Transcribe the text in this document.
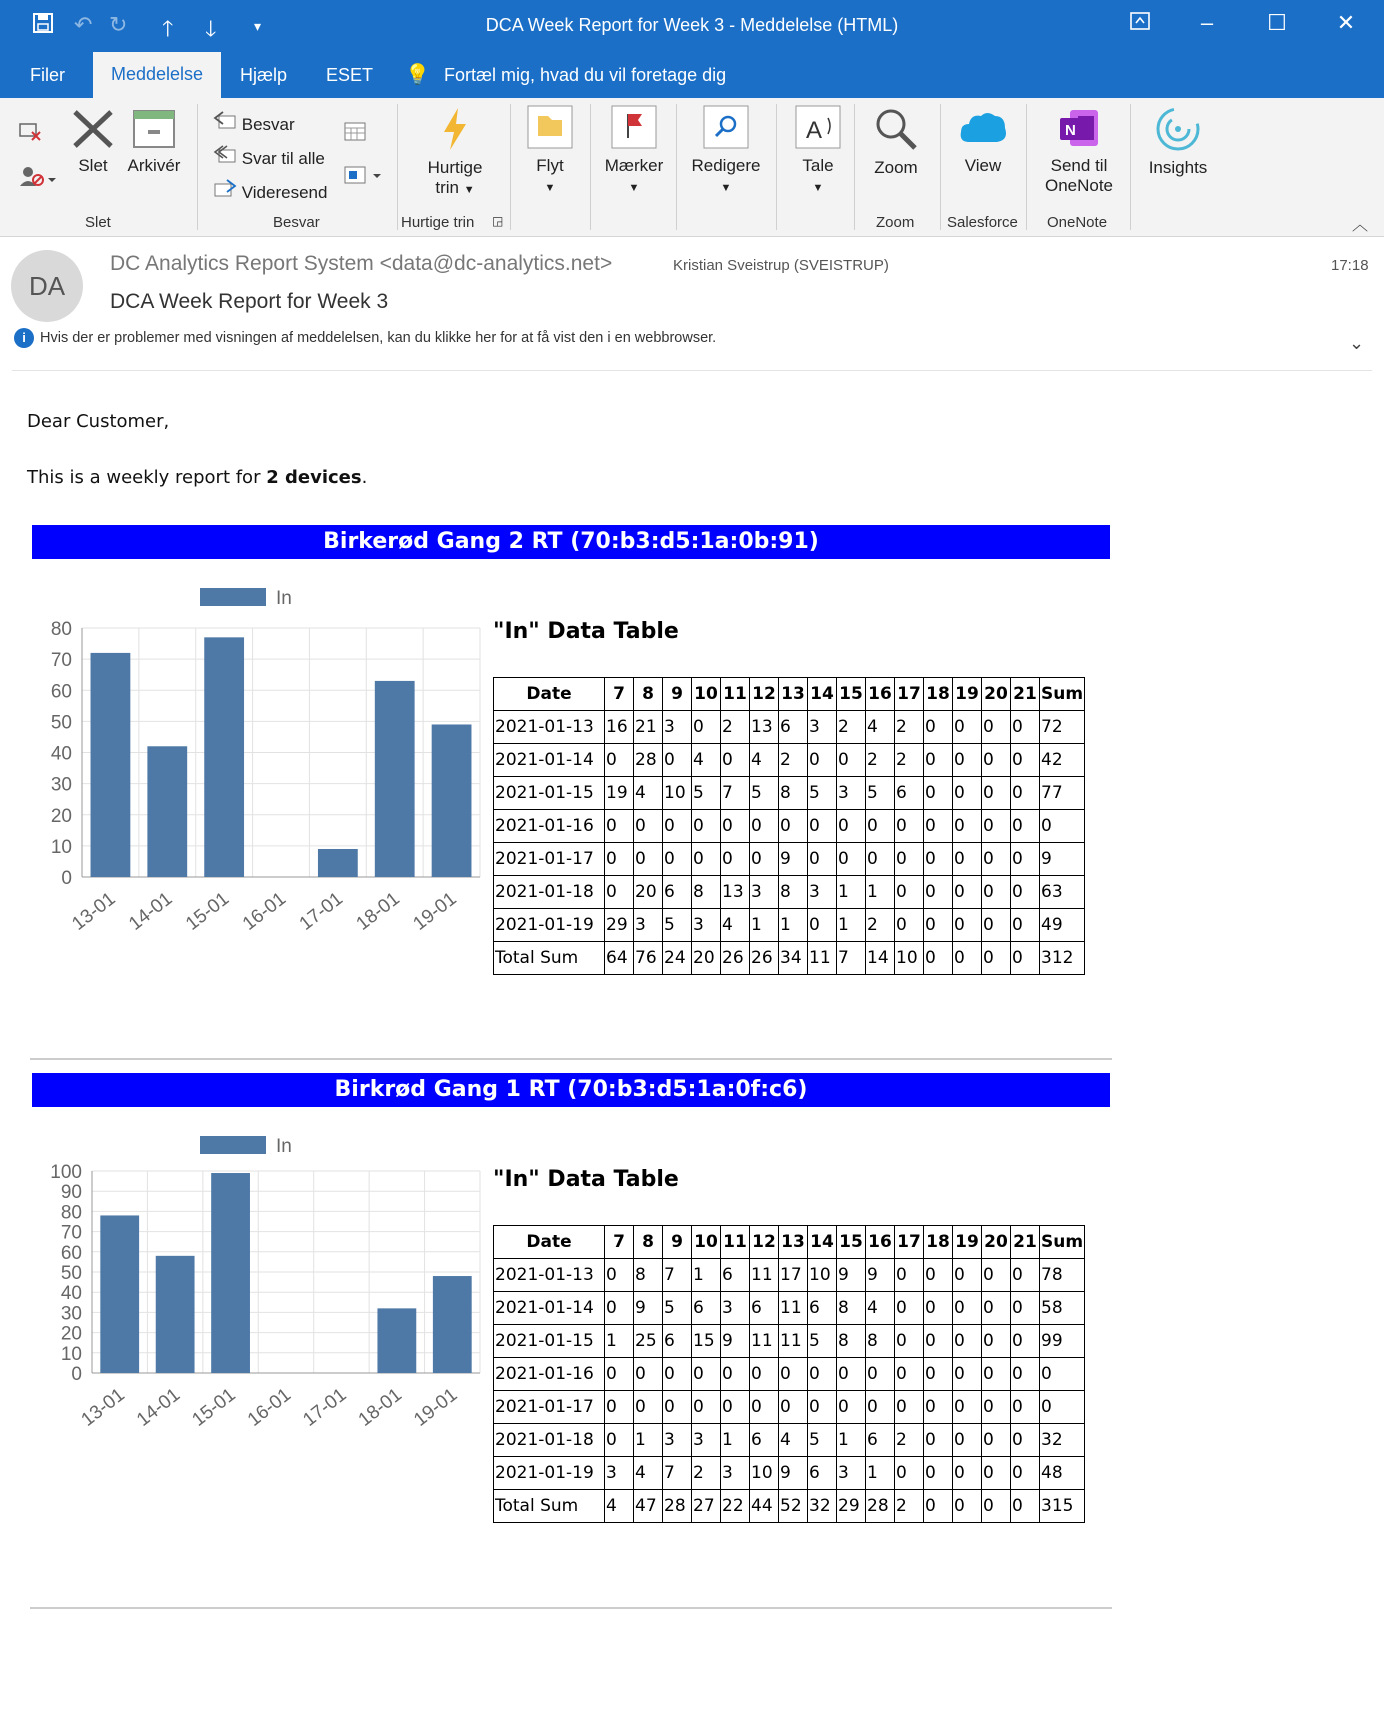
↶ ↻ 🡑 🡓	▾	DCA Week Report for Week 3 - Meddelelse (HTML)	–	☐	✕
Filer	Meddelelse	Hjælp ESET 💡 Fortæl mig, hvad du vil foretage dig
Slet	Arkivér
Slet
Besvar
Svar til alle
Videresend
Besvar
Hurtige
trin ▼
Hurtige trin ◲
Flyt
▼
Mærker
▼
Redigere
▼
A
Tale
▼
Zoom
Zoom
View
Salesforce
N
Send til
OneNote
OneNote
Insights
︿
DA
DC Analytics Report System <data@dc-analytics.net>	Kristian Sveistrup (SVEISTRUP)	17:18
DCA Week Report for Week 3
i Hvis der er problemer med visningen af meddelelsen, kan du klikke her for at få vist den i en webbrowser.	⌄
Dear Customer,
This is a weekly report for 2 devices.
Birkerød Gang 2 RT (70:b3:d5:1a:0b:91)
In
0
10
20
30
40
50
60
70
80
13-01 14-01 15-01 16-01 17-01 18-01 19-01
"In" Data Table
Date	7	8	9	10	11	12	13	14	15	16	17	18	19	20	21	Sum
2021-01-13	16	21	3	0	2	13	6	3	2	4	2	0	0	0	0	72
2021-01-14	0	28	0	4	0	4	2	0	0	2	2	0	0	0	0	42
2021-01-15	19	4	10	5	7	5	8	5	3	5	6	0	0	0	0	77
2021-01-16	0	0	0	0	0	0	0	0	0	0	0	0	0	0	0	0
2021-01-17	0	0	0	0	0	0	9	0	0	0	0	0	0	0	0	9
2021-01-18	0	20	6	8	13	3	8	3	1	1	0	0	0	0	0	63
2021-01-19	29	3	5	3	4	1	1	0	1	2	0	0	0	0	0	49
Total Sum	64	76	24	20	26	26	34	11	7	14	10	0	0	0	0	312
Birkrød Gang 1 RT (70:b3:d5:1a:0f:c6)
In
0
10
20
30
40
50
60
70
80
90
100
13-01 14-01 15-01 16-01 17-01 18-01 19-01
"In" Data Table
Date	7	8	9	10	11	12	13	14	15	16	17	18	19	20	21	Sum
2021-01-13	0	8	7	1	6	11	17	10	9	9	0	0	0	0	0	78
2021-01-14	0	9	5	6	3	6	11	6	8	4	0	0	0	0	0	58
2021-01-15	1	25	6	15	9	11	11	5	8	8	0	0	0	0	0	99
2021-01-16	0	0	0	0	0	0	0	0	0	0	0	0	0	0	0	0
2021-01-17	0	0	0	0	0	0	0	0	0	0	0	0	0	0	0	0
2021-01-18	0	1	3	3	1	6	4	5	1	6	2	0	0	0	0	32
2021-01-19	3	4	7	2	3	10	9	6	3	1	0	0	0	0	0	48
Total Sum	4	47	28	27	22	44	52	32	29	28	2	0	0	0	0	315
